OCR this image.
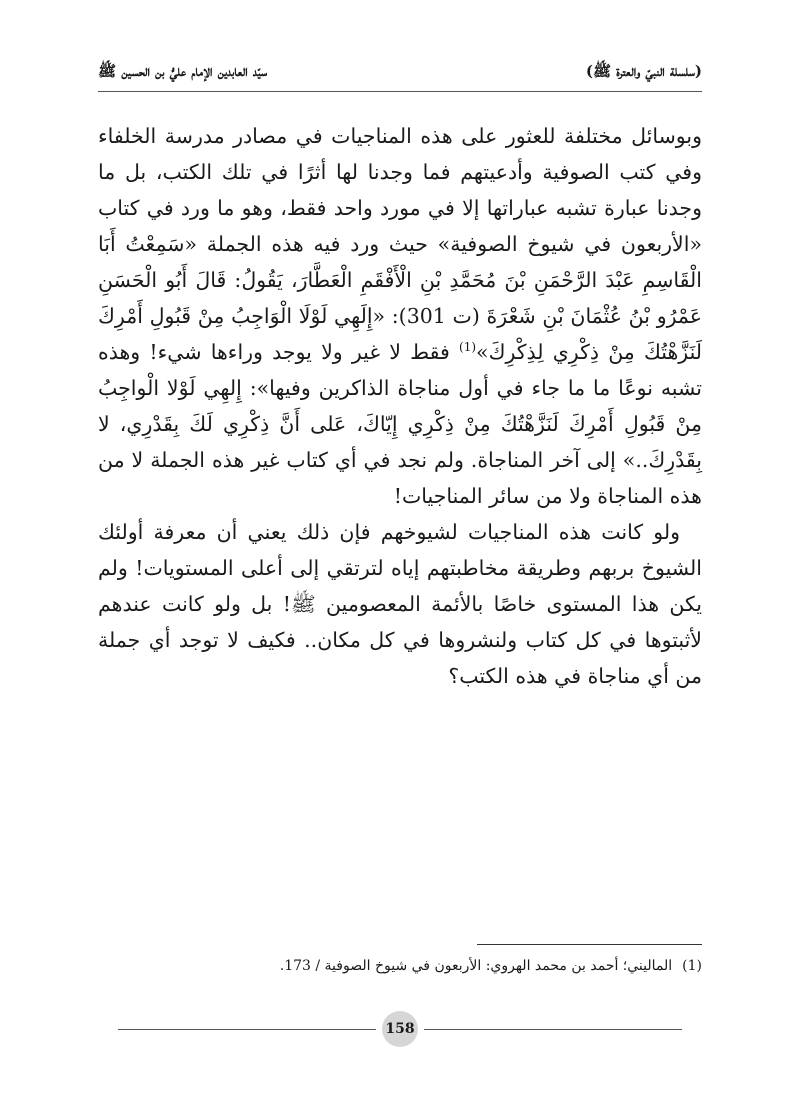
(سلسلة النبيّ والعترة ﷺ)
سيّد العابدين الإمام عليُّ بن الحسين ﷺ

وبوسائل مختلفة للعثور على هذه المناجيات في مصادر مدرسة الخلفاء وفي كتب الصوفية وأدعيتهم فما وجدنا لها أثرًا في تلك الكتب، بل ما وجدنا عبارة تشبه عباراتها إلا في مورد واحد فقط، وهو ما ورد في كتاب «الأربعون في شيوخ الصوفية» حيث ورد فيه هذه الجملة «سَمِعْتُ أَبَا الْقَاسِمِ عَبْدَ الرَّحْمَنِ بْنَ مُحَمَّدِ بْنِ الْأَفْقَمِ الْعَطَّارَ، يَقُولُ: قَالَ أَبُو الْحَسَنِ عَمْرُو بْنُ عُثْمَانَ بْنِ شَعْرَةَ (ت 301): «إِلَهِي لَوْلَا الْوَاجِبُ مِنْ قَبُولِ أَمْرِكَ لَنَزَّهْتُكَ مِنْ ذِكْرِي لِذِكْرِكَ»$^{(1)}$ فقط لا غير ولا يوجد وراءها شيء! وهذه تشبه نوعًا ما ما جاء في أول مناجاة الذاكرين وفيها»: إِلهِي لَوْلا الْواجِبُ مِنْ قَبُولِ أَمْرِكَ لَنَزَّهْتُكَ مِنْ ذِكْرِي إِيّاكَ، عَلى أَنَّ ذِكْرِي لَكَ بِقَدْرِي، لا بِقَدْرِكَ..» إلى آخر المناجاة. ولم نجد في أي كتاب غير هذه الجملة لا من هذه المناجاة ولا من سائر المناجيات!

ولو كانت هذه المناجيات لشيوخهم فإن ذلك يعني أن معرفة أولئك الشيوخ بربهم وطريقة مخاطبتهم إياه لترتقي إلى أعلى المستويات! ولم يكن هذا المستوى خاصًا بالأئمة المعصومين ﷺ! بل ولو كانت عندهم لأثبتوها في كل كتاب ولنشروها في كل مكان.. فكيف لا توجد أي جملة من أي مناجاة في هذه الكتب؟

(1)الماليني؛ أحمد بن محمد الهروي: الأربعون في شيوخ الصوفية / 173.
158
